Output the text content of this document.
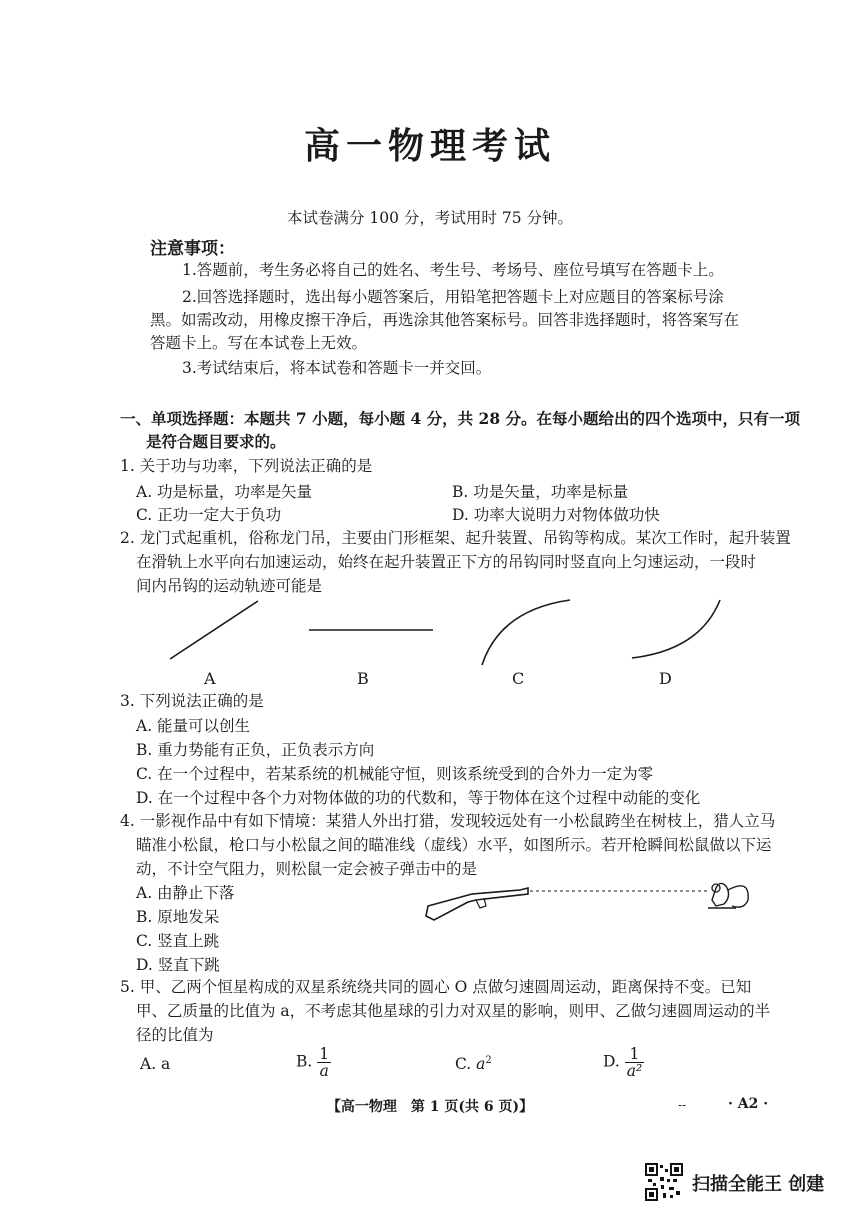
高一物理考试
本试卷满分 100 分，考试用时 75 分钟。
注意事项：
1.答题前，考生务必将自己的姓名、考生号、考场号、座位号填写在答题卡上。
2.回答选择题时，选出每小题答案后，用铅笔把答题卡上对应题目的答案标号涂
黑。如需改动，用橡皮擦干净后，再选涂其他答案标号。回答非选择题时，将答案写在
答题卡上。写在本试卷上无效。
3.考试结束后，将本试卷和答题卡一并交回。
一、单项选择题：本题共 7 小题，每小题 4 分，共 28 分。在每小题给出的四个选项中，只有一项
是符合题目要求的。
1. 关于功与功率，下列说法正确的是
A. 功是标量，功率是矢量	B. 功是矢量，功率是标量
C. 正功一定大于负功	D. 功率大说明力对物体做功快
2. 龙门式起重机，俗称龙门吊，主要由门形框架、起升装置、吊钩等构成。某次工作时，起升装置
在滑轨上水平向右加速运动，始终在起升装置正下方的吊钩同时竖直向上匀速运动，一段时
间内吊钩的运动轨迹可能是
A	B	C	D
3. 下列说法正确的是
A. 能量可以创生
B. 重力势能有正负，正负表示方向
C. 在一个过程中，若某系统的机械能守恒，则该系统受到的合外力一定为零
D. 在一个过程中各个力对物体做的功的代数和，等于物体在这个过程中动能的变化
4. 一影视作品中有如下情境：某猎人外出打猎，发现较远处有一小松鼠跨坐在树枝上，猎人立马
瞄准小松鼠，枪口与小松鼠之间的瞄准线（虚线）水平，如图所示。若开枪瞬间松鼠做以下运
动，不计空气阻力，则松鼠一定会被子弹击中的是
A. 由静止下落
B. 原地发呆
C. 竖直上跳
D. 竖直下跳
5. 甲、乙两个恒星构成的双星系统绕共同的圆心 O 点做匀速圆周运动，距离保持不变。已知
甲、乙质量的比值为 a，不考虑其他星球的引力对双星的影响，则甲、乙做匀速圆周运动的半
径的比值为
A. a	B. $\frac{1}{a}$	C. $a^2$	D. $\frac{1}{\text{a²}}$
【高一物理　第 1 页(共 6 页)】	--	· A2 ·
扫描全能王 创建
